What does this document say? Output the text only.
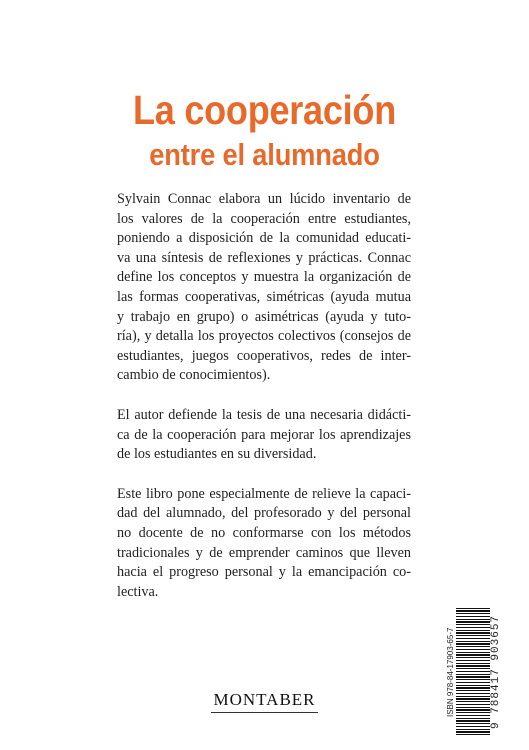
La cooperación
entre el alumnado

Sylvain Connac elabora un lúcido inventario de
los valores de la cooperación entre estudiantes,
poniendo a disposición de la comunidad educati-
va una síntesis de reflexiones y prácticas. Connac
define los conceptos y muestra la organización de
las formas cooperativas, simétricas (ayuda mutua
y trabajo en grupo) o asimétricas (ayuda y tuto-
ría), y detalla los proyectos colectivos (consejos de
estudiantes, juegos cooperativos, redes de inter-
cambio de conocimientos).

El autor defiende la tesis de una necesaria didácti-
ca de la cooperación para mejorar los aprendizajes
de los estudiantes en su diversidad.

Este libro pone especialmente de relieve la capaci-
dad del alumnado, del profesorado y del personal
no docente de no conformarse con los métodos
tradicionales y de emprender caminos que lleven
hacia el progreso personal y la emancipación co-
lectiva.

ISBN 978-84-17903-65-7	9 788417 903657
MONTABER
